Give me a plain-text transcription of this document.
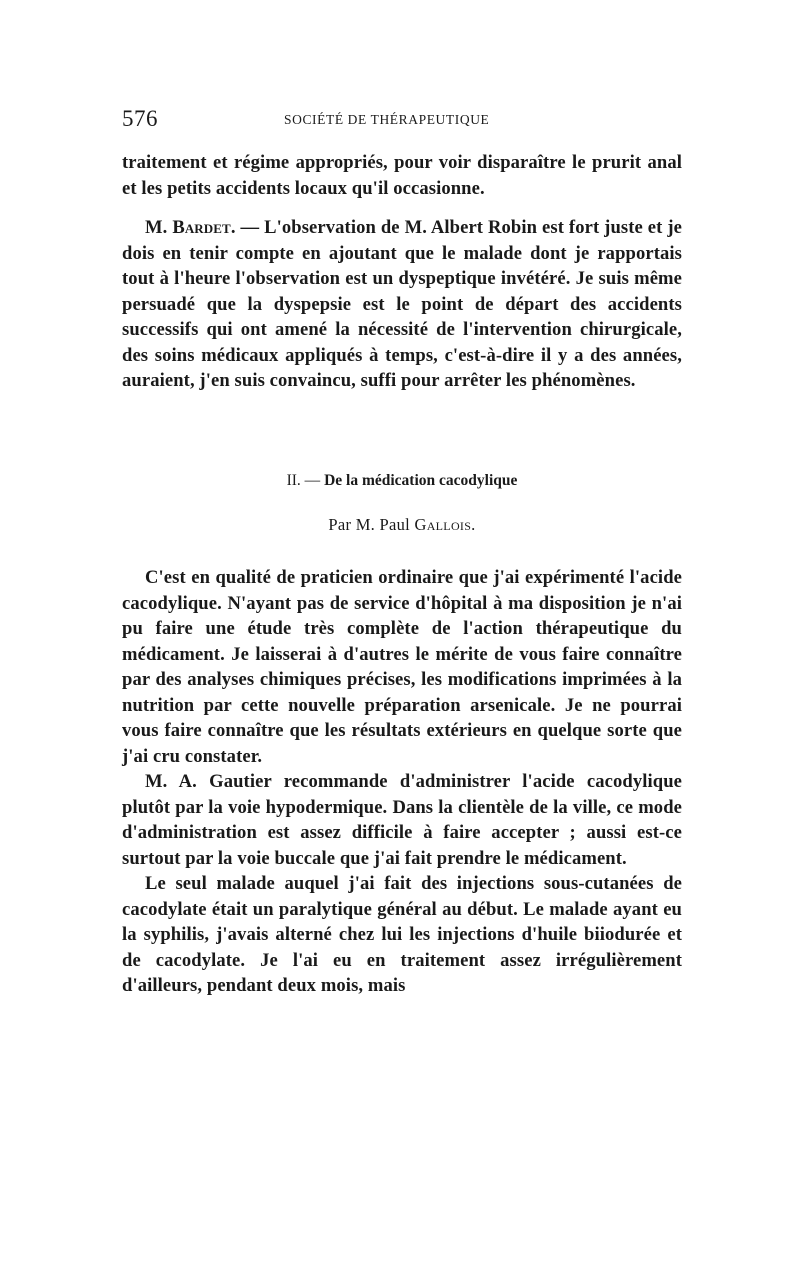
576	SOCIÉTÉ DE THÉRAPEUTIQUE

traitement et régime appropriés, pour voir disparaître le prurit anal et les petits accidents locaux qu'il occasionne.

M. Bardet. — L'observation de M. Albert Robin est fort juste et je dois en tenir compte en ajoutant que le malade dont je rapportais tout à l'heure l'observation est un dyspeptique invétéré. Je suis même persuadé que la dyspepsie est le point de départ des accidents successifs qui ont amené la nécessité de l'intervention chirurgicale, des soins médicaux appliqués à temps, c'est-à-dire il y a des années, auraient, j'en suis convaincu, suffi pour arrêter les phénomènes.

II. — De la médication cacodylique
Par M. Paul Gallois.

C'est en qualité de praticien ordinaire que j'ai expérimenté l'acide cacodylique. N'ayant pas de service d'hôpital à ma disposition je n'ai pu faire une étude très complète de l'action thérapeutique du médicament. Je laisserai à d'autres le mérite de vous faire connaître par des analyses chimiques précises, les modifications imprimées à la nutrition par cette nouvelle préparation arsenicale. Je ne pourrai vous faire connaître que les résultats extérieurs en quelque sorte que j'ai cru constater.

M. A. Gautier recommande d'administrer l'acide cacodylique plutôt par la voie hypodermique. Dans la clientèle de la ville, ce mode d'administration est assez difficile à faire accepter ; aussi est-ce surtout par la voie buccale que j'ai fait prendre le médicament.

Le seul malade auquel j'ai fait des injections sous-cutanées de cacodylate était un paralytique général au début. Le malade ayant eu la syphilis, j'avais alterné chez lui les injections d'huile biiodurée et de cacodylate. Je l'ai eu en traitement assez irrégulièrement d'ailleurs, pendant deux mois, mais
